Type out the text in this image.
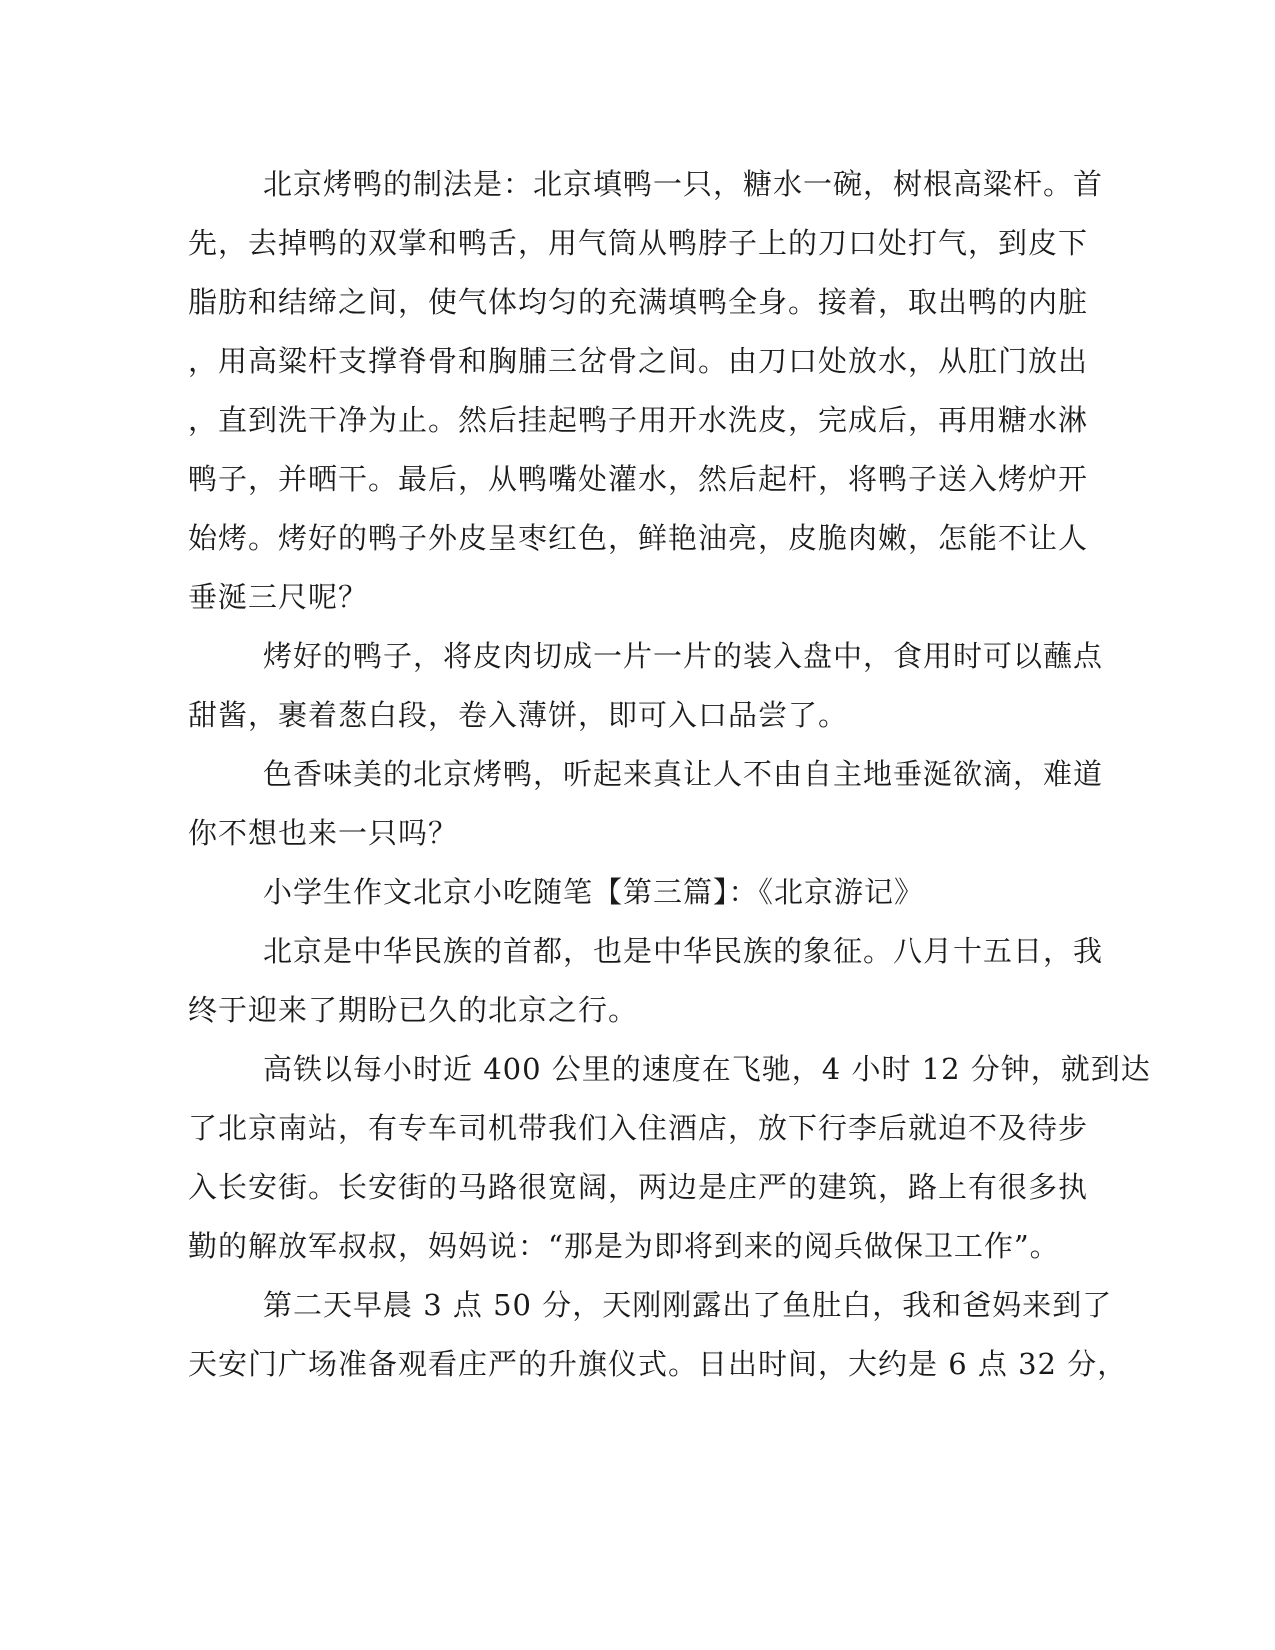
北京烤鸭的制法是：北京填鸭一只，糖水一碗，树根高粱杆。首
先，去掉鸭的双掌和鸭舌，用气筒从鸭脖子上的刀口处打气，到皮下
脂肪和结缔之间，使气体均匀的充满填鸭全身。接着，取出鸭的内脏
，用高粱杆支撑脊骨和胸脯三岔骨之间。由刀口处放水，从肛门放出
，直到洗干净为止。然后挂起鸭子用开水洗皮，完成后，再用糖水淋
鸭子，并晒干。最后，从鸭嘴处灌水，然后起杆，将鸭子送入烤炉开
始烤。烤好的鸭子外皮呈枣红色，鲜艳油亮，皮脆肉嫩，怎能不让人
垂涎三尺呢？
烤好的鸭子，将皮肉切成一片一片的装入盘中，食用时可以蘸点
甜酱，裹着葱白段，卷入薄饼，即可入口品尝了。
色香味美的北京烤鸭，听起来真让人不由自主地垂涎欲滴，难道
你不想也来一只吗？
小学生作文北京小吃随笔【第三篇】：《北京游记》
北京是中华民族的首都，也是中华民族的象征。八月十五日，我
终于迎来了期盼已久的北京之行。
高铁以每小时近 400 公里的速度在飞驰，4 小时 12 分钟，就到达
了北京南站，有专车司机带我们入住酒店，放下行李后就迫不及待步
入长安街。长安街的马路很宽阔，两边是庄严的建筑，路上有很多执
勤的解放军叔叔，妈妈说：“那是为即将到来的阅兵做保卫工作”。
第二天早晨 3 点 50 分，天刚刚露出了鱼肚白，我和爸妈来到了
天安门广场准备观看庄严的升旗仪式。日出时间，大约是 6 点 32 分，
